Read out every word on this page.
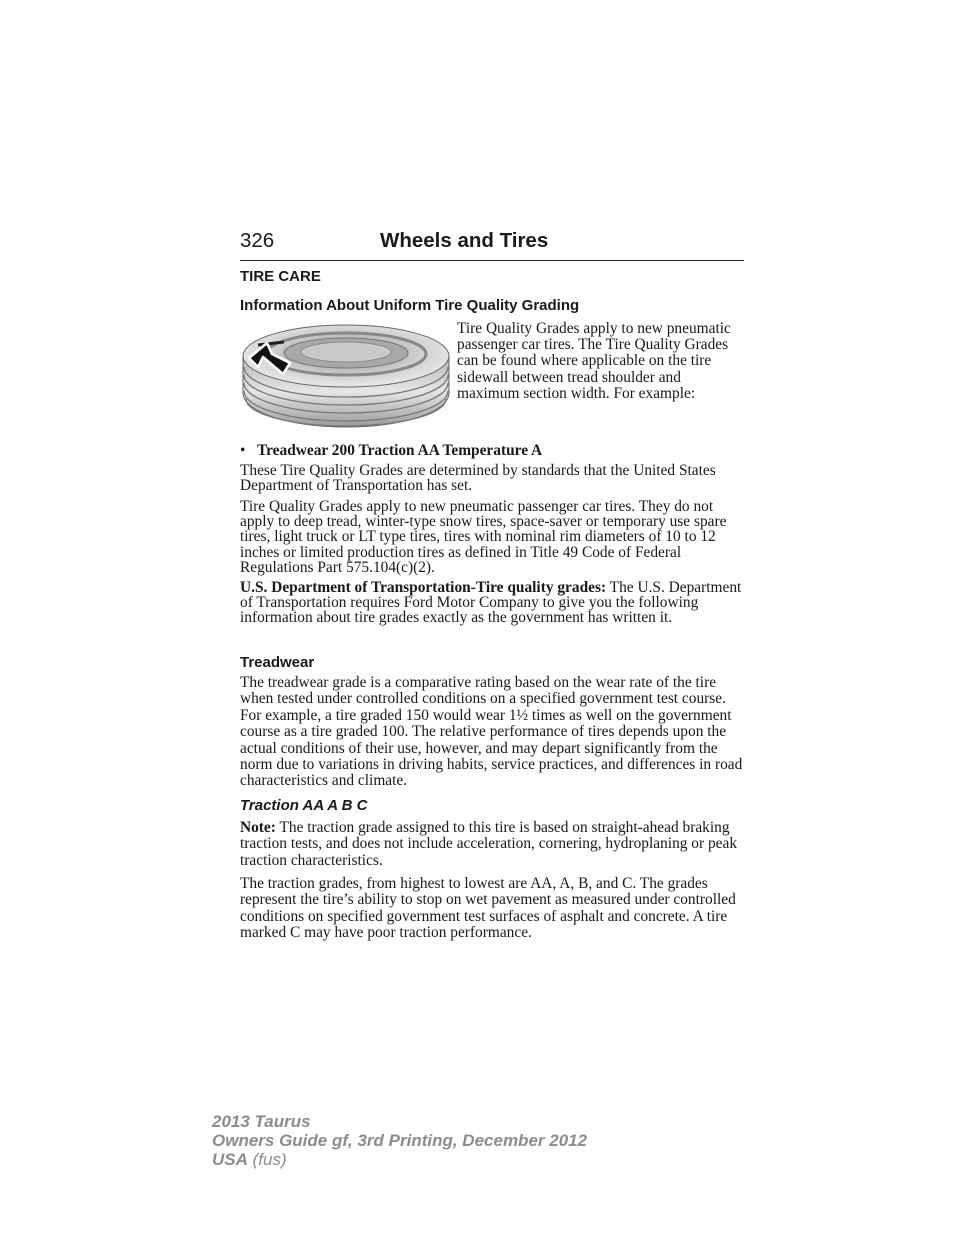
326	Wheels and Tires
TIRE CARE
Information About Uniform Tire Quality Grading

Tire Quality Grades apply to new pneumatic passenger car tires. The Tire Quality Grades can be found where applicable on the tire sidewall between tread shoulder and maximum section width. For example:

• Treadwear 200 Traction AA Temperature A

These Tire Quality Grades are determined by standards that the United States Department of Transportation has set.

Tire Quality Grades apply to new pneumatic passenger car tires. They do not apply to deep tread, winter-type snow tires, space-saver or temporary use spare tires, light truck or LT type tires, tires with nominal rim diameters of 10 to 12 inches or limited production tires as defined in Title 49 Code of Federal Regulations Part 575.104(c)(2).

U.S. Department of Transportation-Tire quality grades: The U.S. Department of Transportation requires Ford Motor Company to give you the following information about tire grades exactly as the government has written it.

Treadwear

The treadwear grade is a comparative rating based on the wear rate of the tire when tested under controlled conditions on a specified government test course. For example, a tire graded 150 would wear 1½ times as well on the government course as a tire graded 100. The relative performance of tires depends upon the actual conditions of their use, however, and may depart significantly from the norm due to variations in driving habits, service practices, and differences in road characteristics and climate.

Traction AA A B C

Note: The traction grade assigned to this tire is based on straight-ahead braking traction tests, and does not include acceleration, cornering, hydroplaning or peak traction characteristics.

The traction grades, from highest to lowest are AA, A, B, and C. The grades represent the tire’s ability to stop on wet pavement as measured under controlled conditions on specified government test surfaces of asphalt and concrete. A tire marked C may have poor traction performance.

2013 Taurus
Owners Guide gf, 3rd Printing, December 2012
USA (fus)
